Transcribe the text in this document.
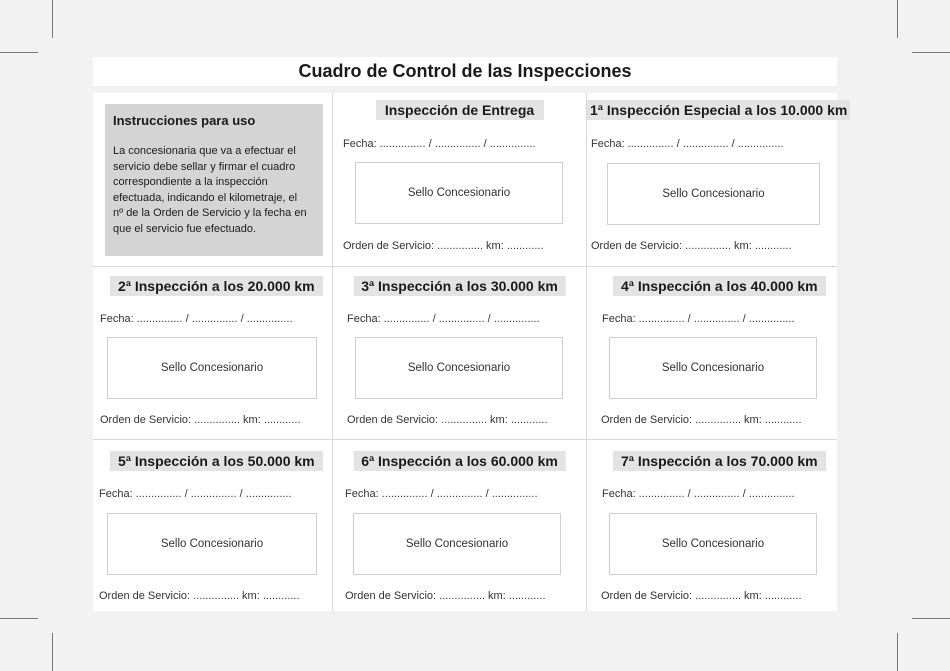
Cuadro de Control de las Inspecciones
Instrucciones para uso
La concesionaria que va a efectuar el
servicio debe sellar y firmar el cuadro
correspondiente a la inspección
efectuada, indicando el kilometraje, el
nº de la Orden de Servicio y la fecha en
que el servicio fue efectuado.
Inspección de Entrega
Fecha: ............... / ............... / ...............
Sello Concesionario
Orden de Servicio: ............... km: ............
1ª Inspección Especial a los 10.000 km
Fecha: ............... / ............... / ...............
Sello Concesionario
Orden de Servicio: ............... km: ............
2ª Inspección a los 20.000 km
Fecha: ............... / ............... / ...............
Sello Concesionario
Orden de Servicio: ............... km: ............
3ª Inspección a los 30.000 km
Fecha: ............... / ............... / ...............
Sello Concesionario
Orden de Servicio: ............... km: ............
4ª Inspección a los 40.000 km
Fecha: ............... / ............... / ...............
Sello Concesionario
Orden de Servicio: ............... km: ............
5ª Inspección a los 50.000 km
Fecha: ............... / ............... / ...............
Sello Concesionario
Orden de Servicio: ............... km: ............
6ª Inspección a los 60.000 km
Fecha: ............... / ............... / ...............
Sello Concesionario
Orden de Servicio: ............... km: ............
7ª Inspección a los 70.000 km
Fecha: ............... / ............... / ...............
Sello Concesionario
Orden de Servicio: ............... km: ............
